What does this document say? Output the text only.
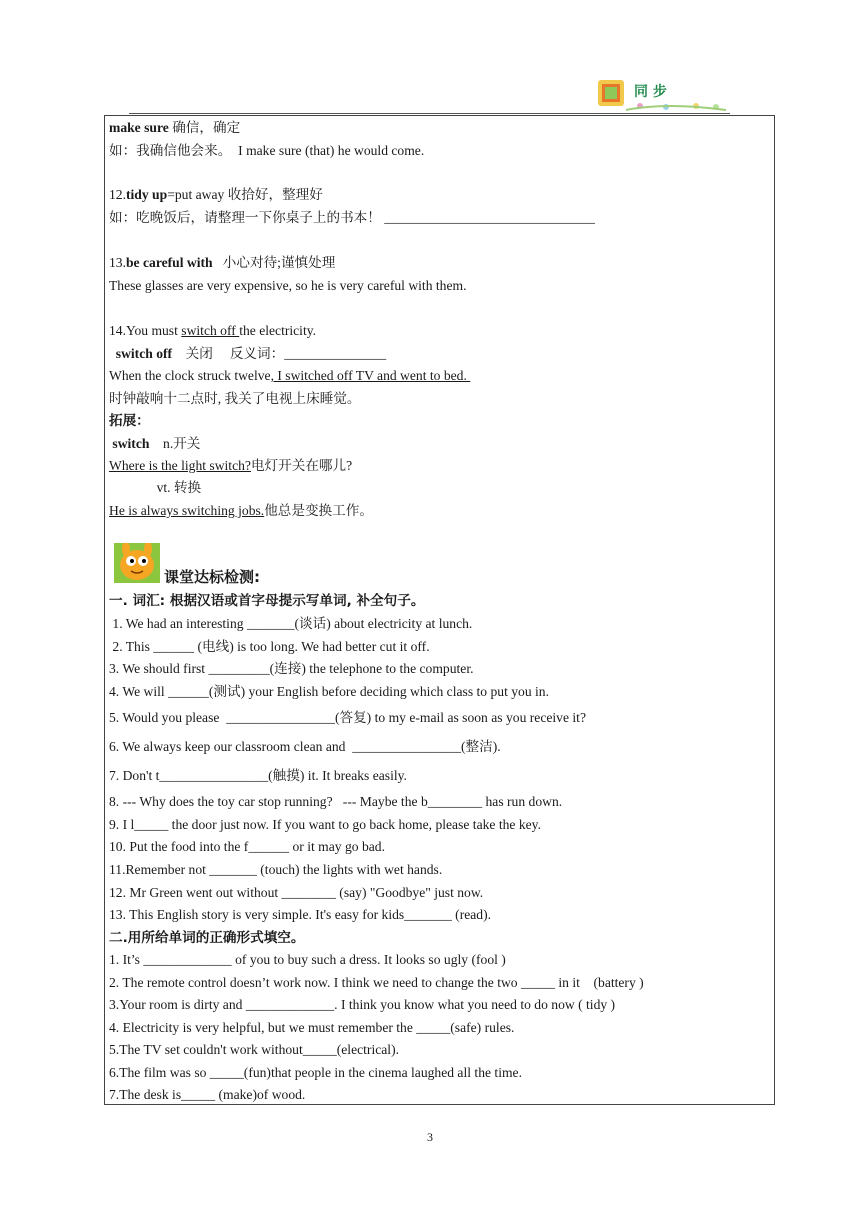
同 步
make sure 确信，确定
如：我确信他会来。  I make sure (that) he would come.
12.tidy up=put away 收拾好，整理好
如：吃晚饭后，请整理一下你桌子上的书本！ _______________________________
13.be careful with   小心对待;谨慎处理
These glasses are very expensive, so he is very careful with them.
14.You must switch off the electricity.
switch off    关闭     反义词：_______________
When the clock struck twelve, I switched off TV and went to bed.
时钟敲响十二点时, 我关了电视上床睡觉。
拓展：
switch    n.开关
Where is the light switch?电灯开关在哪儿?
vt. 转换
He is always switching jobs.他总是变换工作。
一. 词汇: 根据汉语或首字母提示写单词, 补全句子。
1. We had an interesting _______(谈话) about electricity at lunch.
2. This ______ (电线) is too long. We had better cut it off.
3. We should first _________(连接) the telephone to the computer.
4. We will ______(测试) your English before deciding which class to put you in.
5. Would you please  ________________(答复) to my e-mail as soon as you receive it?
6. We always keep our classroom clean and  ________________(整洁).
7. Don't t________________(触摸) it. It breaks easily.
8. --- Why does the toy car stop running?   --- Maybe the b________ has run down.
9. I l_____ the door just now. If you want to go back home, please take the key.
10. Put the food into the f______ or it may go bad.
11.Remember not _______ (touch) the lights with wet hands.
12. Mr Green went out without ________ (say) "Goodbye" just now.
13. This English story is very simple. It's easy for kids_______ (read).
二.用所给单词的正确形式填空。
1. It’s _____________ of you to buy such a dress. It looks so ugly (fool )
2. The remote control doesn’t work now. I think we need to change the two _____ in it    (battery )
3.Your room is dirty and _____________. I think you know what you need to do now ( tidy )
4. Electricity is very helpful, but we must remember the _____(safe) rules.
5.The TV set couldn't work without_____(electrical).
6.The film was so _____(fun)that people in the cinema laughed all the time.
7.The desk is_____ (make)of wood.
课堂达标检测:
3
